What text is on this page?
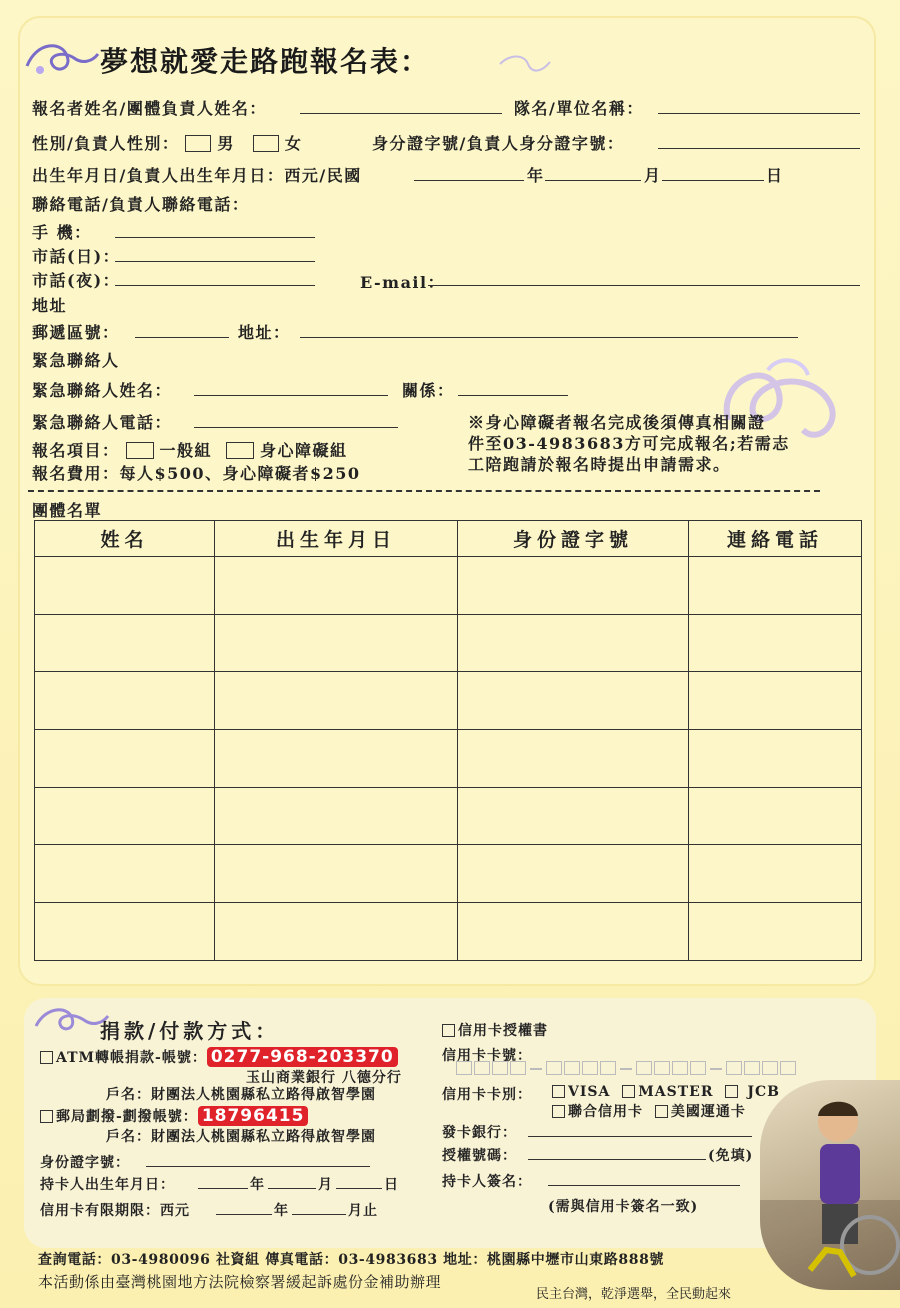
夢想就愛走路跑報名表：
報名者姓名/團體負責人姓名：	隊名/單位名稱：
性別/負責人性別： 男	女	身分證字號/負責人身分證字號：
出生年月日/負責人出生年月日：西元/民國	年	月	日
聯絡電話/負責人聯絡電話：
手 機：
市話(日)：
市話(夜)：	E-mail：
地址
郵遞區號：	地址：
緊急聯絡人
緊急聯絡人姓名：	關係：
緊急聯絡人電話：
報名項目：	一般組	身心障礙組
報名費用：每人$500、身心障礙者$250
※身心障礙者報名完成後須傳真相關證
件至03-4983683方可完成報名;若需志
工陪跑請於報名時提出申請需求。
團體名單
姓名	出生年月日	身份證字號	連絡電話

捐款/付款方式：
ATM轉帳捐款-帳號： 0277-968-203370
玉山商業銀行 八德分行
戶名：財團法人桃園縣私立路得啟智學園
郵局劃撥-劃撥帳號： 18796415
戶名：財團法人桃園縣私立路得啟智學園
身份證字號：
持卡人出生年月日：	年	月	日
信用卡有限期限：西元	年	月止
信用卡授權書
信用卡卡號：
信用卡卡別：	VISA MASTER JCB
聯合信用卡 美國運通卡
發卡銀行：
授權號碼：	(免填)
持卡人簽名：
(需與信用卡簽名一致)
查詢電話：03-4980096 社資組 傳真電話：03-4983683 地址：桃園縣中壢市山東路888號
本活動係由臺灣桃園地方法院檢察署緩起訴處份金補助辦理
民主台灣，乾淨選舉，全民動起來
